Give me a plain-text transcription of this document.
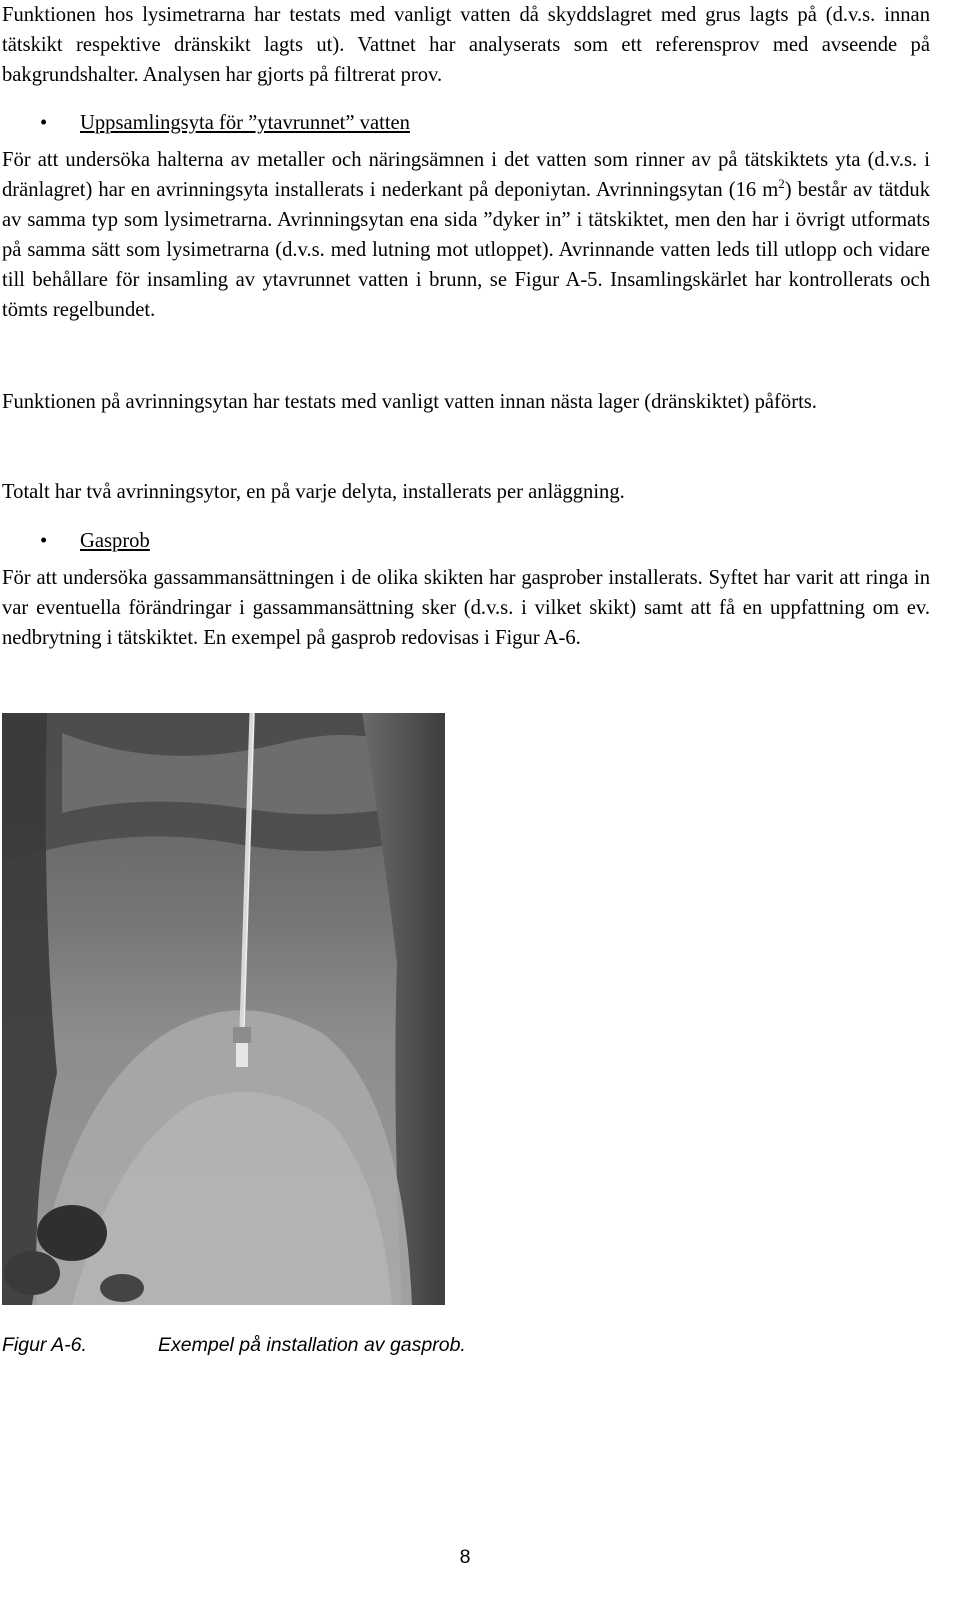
Funktionen hos lysimetrarna har testats med vanligt vatten då skyddslagret med grus lagts på (d.v.s. innan tätskikt respektive dränskikt lagts ut). Vattnet har analyserats som ett referensprov med avseende på bakgrundshalter. Analysen har gjorts på filtrerat prov.

• Uppsamlingsyta för ”ytavrunnet” vatten

För att undersöka halterna av metaller och näringsämnen i det vatten som rinner av på tätskiktets yta (d.v.s. i dränlagret) har en avrinningsyta installerats i nederkant på deponiytan. Avrinningsytan (16 $m^2$) består av tätduk av samma typ som lysimetrarna. Avrinningsytan ena sida ”dyker in” i tätskiktet, men den har i övrigt utformats på samma sätt som lysimetrarna (d.v.s. med lutning mot utloppet). Avrinnande vatten leds till utlopp och vidare till behållare för insamling av ytavrunnet vatten i brunn, se Figur A-5. Insamlingskärlet har kontrollerats och tömts regelbundet.

Funktionen på avrinningsytan har testats med vanligt vatten innan nästa lager (dränskiktet) påförts.

Totalt har två avrinningsytor, en på varje delyta, installerats per anläggning.

• Gasprob

För att undersöka gassammansättningen i de olika skikten har gasprober installerats. Syftet har varit att ringa in var eventuella förändringar i gassammansättning sker (d.v.s. i vilket skikt) samt att få en uppfattning om ev. nedbrytning i tätskiktet. En exempel på gasprob redovisas i Figur A-6.

Figur A-6.	Exempel på installation av gasprob.
8
